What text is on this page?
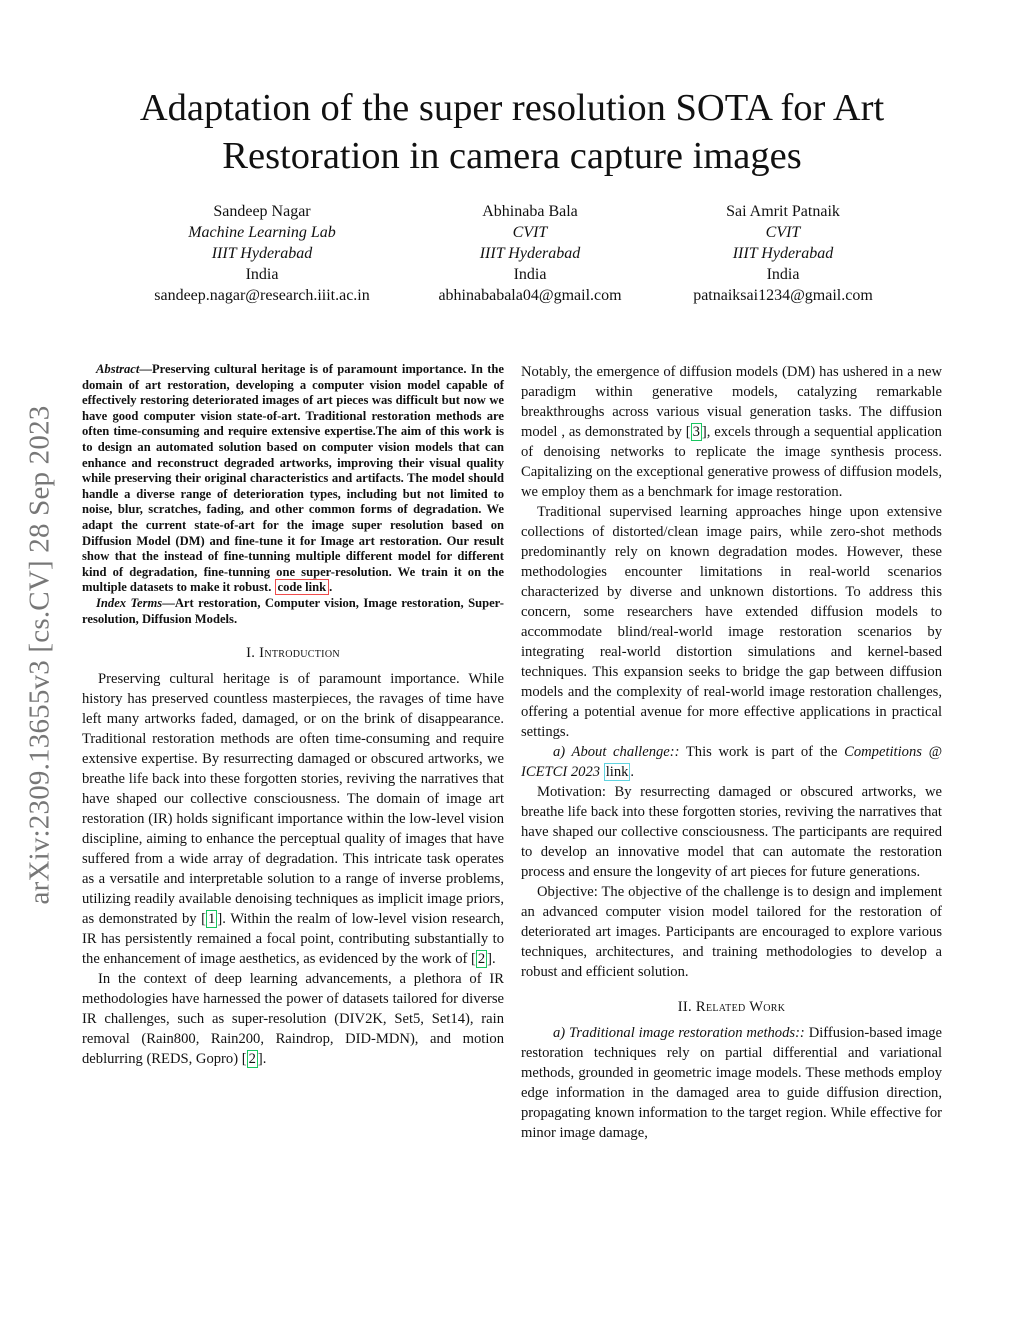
arXiv:2309.13655v3 [cs.CV] 28 Sep 2023
Adaptation of the super resolution SOTA for Art
Restoration in camera capture images
Sandeep Nagar
Machine Learning Lab
IIIT Hyderabad
India
sandeep.nagar@research.iiit.ac.in
Abhinaba Bala
CVIT
IIIT Hyderabad
India
abhinababala04@gmail.com
Sai Amrit Patnaik
CVIT
IIIT Hyderabad
India
patnaiksai1234@gmail.com

Abstract—Preserving cultural heritage is of paramount importance. In the domain of art restoration, developing a computer vision model capable of effectively restoring deteriorated images of art pieces was difficult but now we have good computer vision state-of-art. Traditional restoration methods are often time-consuming and require extensive expertise.The aim of this work is to design an automated solution based on computer vision models that can enhance and reconstruct degraded artworks, improving their visual quality while preserving their original characteristics and artifacts. The model should handle a diverse range of deterioration types, including but not limited to noise, blur, scratches, fading, and other common forms of degradation. We adapt the current state-of-art for the image super resolution based on Diffusion Model (DM) and fine-tune it for Image art restoration. Our result show that the instead of fine-tunning multiple different model for different kind of degradation, fine-tunning one super-resolution. We train it on the multiple datasets to make it robust. code link .

Index Terms—Art restoration, Computer vision, Image restoration, Super-resolution, Diffusion Models.

I. Introduction

Preserving cultural heritage is of paramount importance. While history has preserved countless masterpieces, the ravages of time have left many artworks faded, damaged, or on the brink of disappearance. Traditional restoration methods are often time-consuming and require extensive expertise. By resurrecting damaged or obscured artworks, we breathe life back into these forgotten stories, reviving the narratives that have shaped our collective consciousness. The domain of image art restoration (IR) holds significant importance within the low-level vision discipline, aiming to enhance the perceptual quality of images that have suffered from a wide array of degradation. This intricate task operates as a versatile and interpretable solution to a range of inverse problems, utilizing readily available denoising techniques as implicit image priors, as demonstrated by [ 1 ]. Within the realm of low-level vision research, IR has persistently remained a focal point, contributing substantially to the enhancement of image aesthetics, as evidenced by the work of [ 2 ].

In the context of deep learning advancements, a plethora of IR methodologies have harnessed the power of datasets tailored for diverse IR challenges, such as super-resolution (DIV2K, Set5, Set14), rain removal (Rain800, Rain200, Raindrop, DID-MDN), and motion deblurring (REDS, Gopro) [ 2 ].

Notably, the emergence of diffusion models (DM) has ushered in a new paradigm within generative models, catalyzing remarkable breakthroughs across various visual generation tasks. The diffusion model , as demonstrated by [ 3 ], excels through a sequential application of denoising networks to replicate the image synthesis process. Capitalizing on the exceptional generative prowess of diffusion models, we employ them as a benchmark for image restoration.

Traditional supervised learning approaches hinge upon extensive collections of distorted/clean image pairs, while zero-shot methods predominantly rely on known degradation modes. However, these methodologies encounter limitations in real-world scenarios characterized by diverse and unknown distortions. To address this concern, some researchers have extended diffusion models to accommodate blind/real-world image restoration scenarios by integrating real-world distortion simulations and kernel-based techniques. This expansion seeks to bridge the gap between diffusion models and the complexity of real-world image restoration challenges, offering a potential avenue for more effective applications in practical settings.

a) About challenge:: This work is part of the Competitions @ ICETCI 2023 link .

Motivation: By resurrecting damaged or obscured artworks, we breathe life back into these forgotten stories, reviving the narratives that have shaped our collective consciousness. The participants are required to develop an innovative model that can automate the restoration process and ensure the longevity of art pieces for future generations.

Objective: The objective of the challenge is to design and implement an advanced computer vision model tailored for the restoration of deteriorated art images. Participants are encouraged to explore various techniques, architectures, and training methodologies to develop a robust and efficient solution.

II. Related Work

a) Traditional image restoration methods:: Diffusion-based image restoration techniques rely on partial differential and variational methods, grounded in geometric image models. These methods employ edge information in the damaged area to guide diffusion direction, propagating known information to the target region. While effective for minor image damage,
